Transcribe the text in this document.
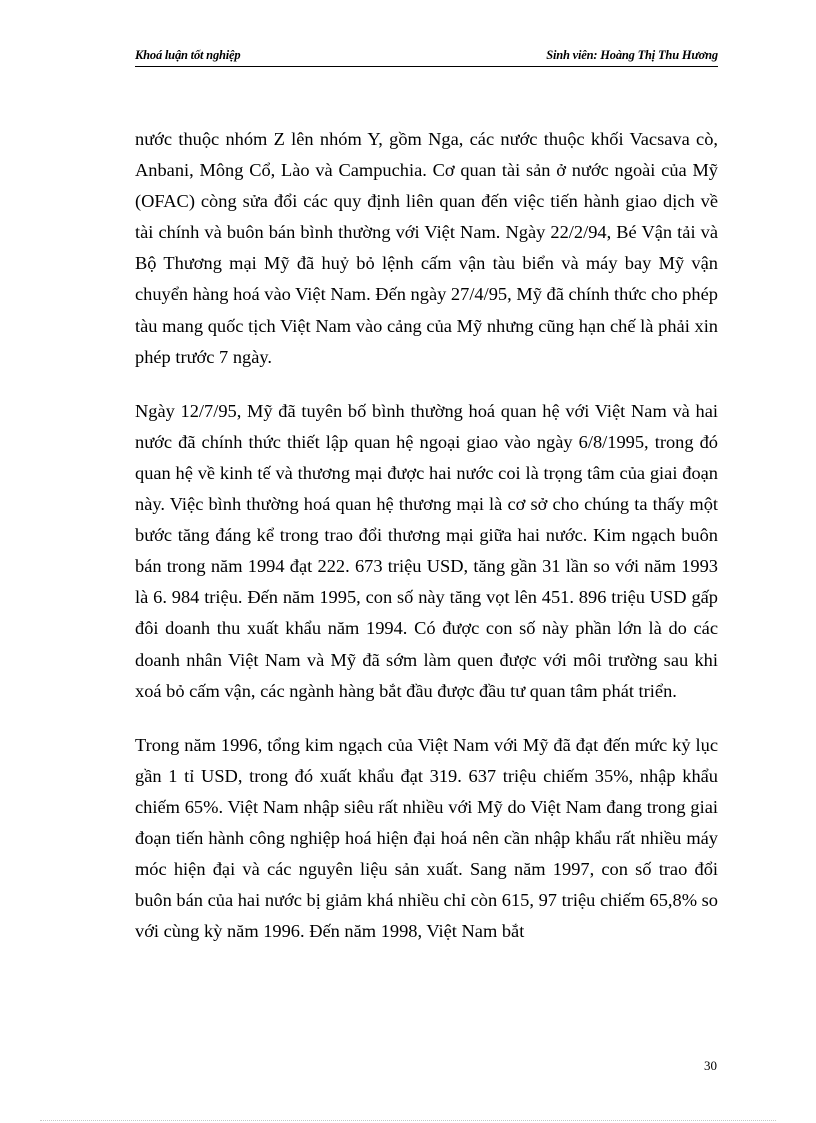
Khoá luận tốt nghiệp	Sinh viên: Hoàng Thị Thu Hương

nước thuộc nhóm Z lên nhóm Y, gồm Nga, các nước thuộc khối Vacsava cò, Anbani, Mông Cổ, Lào và Campuchia. Cơ quan tài sản ở nước ngoài của Mỹ (OFAC) còng sửa đổi các quy định liên quan đến việc tiến hành giao dịch về tài chính và buôn bán bình thường với Việt Nam. Ngày 22/2/94, Bé Vận tải và Bộ Thương mại Mỹ đã huỷ bỏ lệnh cấm vận tàu biển và máy bay Mỹ vận chuyển hàng hoá vào Việt Nam. Đến ngày 27/4/95, Mỹ đã chính thức cho phép tàu mang quốc tịch Việt Nam vào cảng của Mỹ nhưng cũng hạn chế là phải xin phép trước 7 ngày.

Ngày 12/7/95, Mỹ đã tuyên bố bình thường hoá quan hệ với Việt Nam và hai nước đã chính thức thiết lập quan hệ ngoại giao vào ngày 6/8/1995, trong đó quan hệ về kinh tế và thương mại được hai nước coi là trọng tâm của giai đoạn này. Việc bình thường hoá quan hệ thương mại là cơ sở cho chúng ta thấy một bước tăng đáng kể trong trao đổi thương mại giữa hai nước. Kim ngạch buôn bán trong năm 1994 đạt 222. 673 triệu USD, tăng gần 31 lần so với năm 1993 là 6. 984 triệu. Đến năm 1995, con số này tăng vọt lên 451. 896 triệu USD gấp đôi doanh thu xuất khẩu năm 1994. Có được con số này phần lớn là do các doanh nhân Việt Nam và Mỹ đã sớm làm quen được với môi trường sau khi xoá bỏ cấm vận, các ngành hàng bắt đầu được đầu tư quan tâm phát triển.

Trong năm 1996, tổng kim ngạch của Việt Nam với Mỹ đã đạt đến mức kỷ lục gần 1 tỉ USD, trong đó xuất khẩu đạt 319. 637 triệu chiếm 35%, nhập khẩu chiếm 65%. Việt Nam nhập siêu rất nhiều với Mỹ do Việt Nam đang trong giai đoạn tiến hành công nghiệp hoá hiện đại hoá nên cần nhập khẩu rất nhiều máy móc hiện đại và các nguyên liệu sản xuất. Sang năm 1997, con số trao đổi buôn bán của hai nước bị giảm khá nhiều chỉ còn 615, 97 triệu chiếm 65,8% so với cùng kỳ năm 1996. Đến năm 1998, Việt Nam bắt

30
